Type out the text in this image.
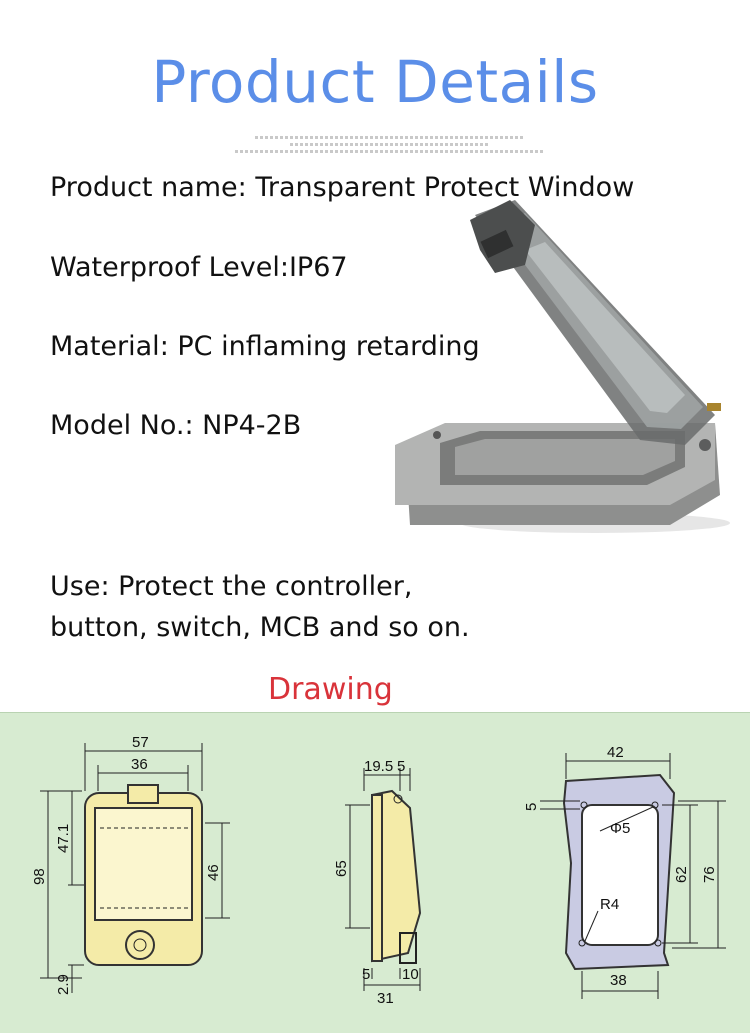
Product Details
Product name: Transparent Protect Window
Waterproof Level:IP67
Material: PC inflaming retarding
Model No.: NP4-2B
Use: Protect the controller,
button, switch, MCB and so on.
Drawing
57
36
98
47.1
46
2.9
19.5 5
65
5 10
31
42
5
Φ5
62 76
R4
38
